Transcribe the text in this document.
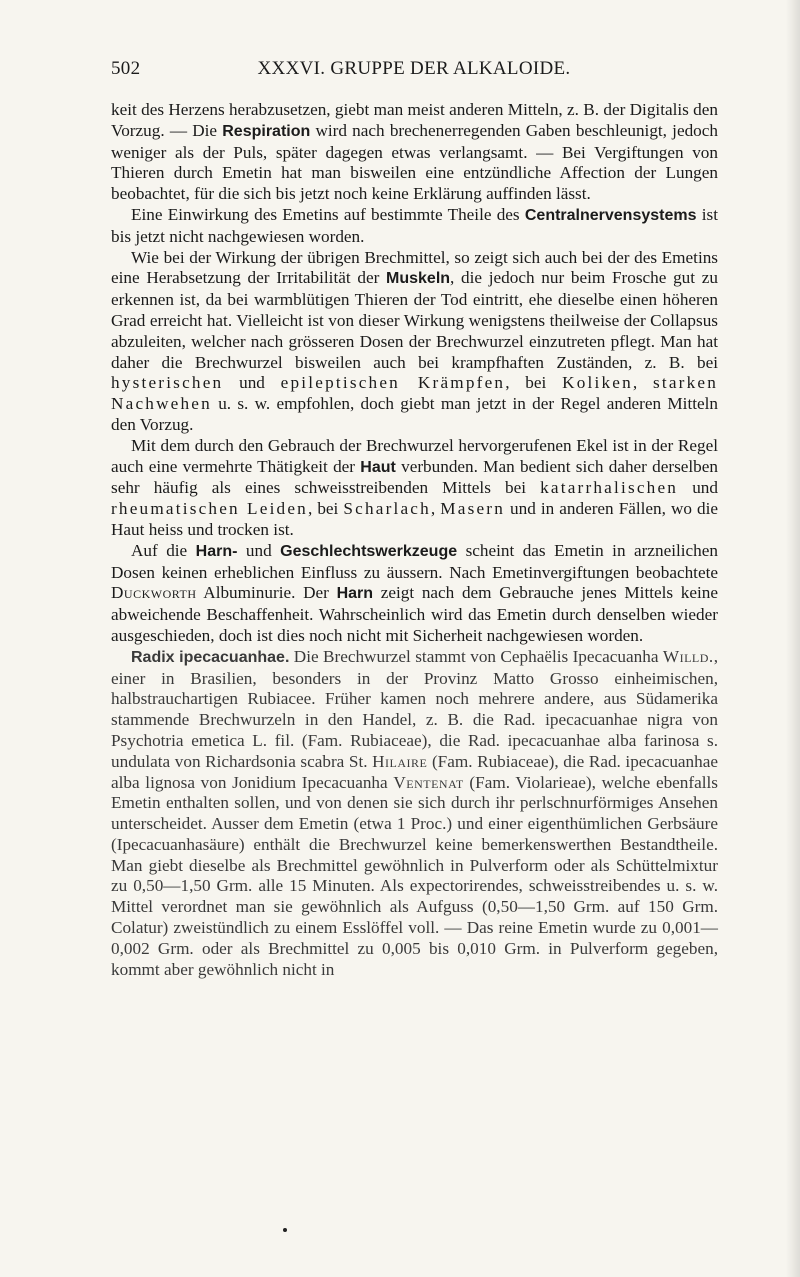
502	XXXVI. GRUPPE DER ALKALOIDE.

keit des Herzens herabzusetzen, giebt man meist anderen Mitteln, z. B. der Digitalis den Vorzug. — Die Respiration wird nach brechenerregenden Gaben beschleunigt, jedoch weniger als der Puls, später dagegen etwas verlangsamt. — Bei Vergiftungen von Thieren durch Emetin hat man bisweilen eine entzündliche Affection der Lungen beobachtet, für die sich bis jetzt noch keine Erklärung auffinden lässt.

Eine Einwirkung des Emetins auf bestimmte Theile des Centralnervensystems ist bis jetzt nicht nachgewiesen worden.

Wie bei der Wirkung der übrigen Brechmittel, so zeigt sich auch bei der des Emetins eine Herabsetzung der Irritabilität der Muskeln, die jedoch nur beim Frosche gut zu erkennen ist, da bei warmblütigen Thieren der Tod eintritt, ehe dieselbe einen höheren Grad erreicht hat. Vielleicht ist von dieser Wirkung wenigstens theilweise der Collapsus abzuleiten, welcher nach grösseren Dosen der Brechwurzel einzutreten pflegt. Man hat daher die Brechwurzel bisweilen auch bei krampfhaften Zuständen, z. B. bei hysterischen und epileptischen Krämpfen, bei Koliken, starken Nachwehen u. s. w. empfohlen, doch giebt man jetzt in der Regel anderen Mitteln den Vorzug.

Mit dem durch den Gebrauch der Brechwurzel hervorgerufenen Ekel ist in der Regel auch eine vermehrte Thätigkeit der Haut verbunden. Man bedient sich daher derselben sehr häufig als eines schweisstreibenden Mittels bei katarrhalischen und rheumatischen Leiden, bei Scharlach, Masern und in anderen Fällen, wo die Haut heiss und trocken ist.

Auf die Harn- und Geschlechtswerkzeuge scheint das Emetin in arzneilichen Dosen keinen erheblichen Einfluss zu äussern. Nach Emetinvergiftungen beobachtete Duckworth Albuminurie. Der Harn zeigt nach dem Gebrauche jenes Mittels keine abweichende Beschaffenheit. Wahrscheinlich wird das Emetin durch denselben wieder ausgeschieden, doch ist dies noch nicht mit Sicherheit nachgewiesen worden.

Radix ipecacuanhae. Die Brechwurzel stammt von Cephaëlis Ipecacuanha Willd., einer in Brasilien, besonders in der Provinz Matto Grosso einheimischen, halbstrauchartigen Rubiacee. Früher kamen noch mehrere andere, aus Südamerika stammende Brechwurzeln in den Handel, z. B. die Rad. ipecacuanhae nigra von Psychotria emetica L. fil. (Fam. Rubiaceae), die Rad. ipecacuanhae alba farinosa s. undulata von Richardsonia scabra St. Hilaire (Fam. Rubiaceae), die Rad. ipecacuanhae alba lignosa von Jonidium Ipecacuanha Ventenat (Fam. Violarieae), welche ebenfalls Emetin enthalten sollen, und von denen sie sich durch ihr perlschnurförmiges Ansehen unterscheidet. Ausser dem Emetin (etwa 1 Proc.) und einer eigenthümlichen Gerbsäure (Ipecacuanhasäure) enthält die Brechwurzel keine bemerkenswerthen Bestandtheile. Man giebt dieselbe als Brechmittel gewöhnlich in Pulverform oder als Schüttelmixtur zu 0,50—1,50 Grm. alle 15 Minuten. Als expectorirendes, schweisstreibendes u. s. w. Mittel verordnet man sie gewöhnlich als Aufguss (0,50—1,50 Grm. auf 150 Grm. Colatur) zweistündlich zu einem Esslöffel voll. — Das reine Emetin wurde zu 0,001—0,002 Grm. oder als Brechmittel zu 0,005 bis 0,010 Grm. in Pulverform gegeben, kommt aber gewöhnlich nicht in
